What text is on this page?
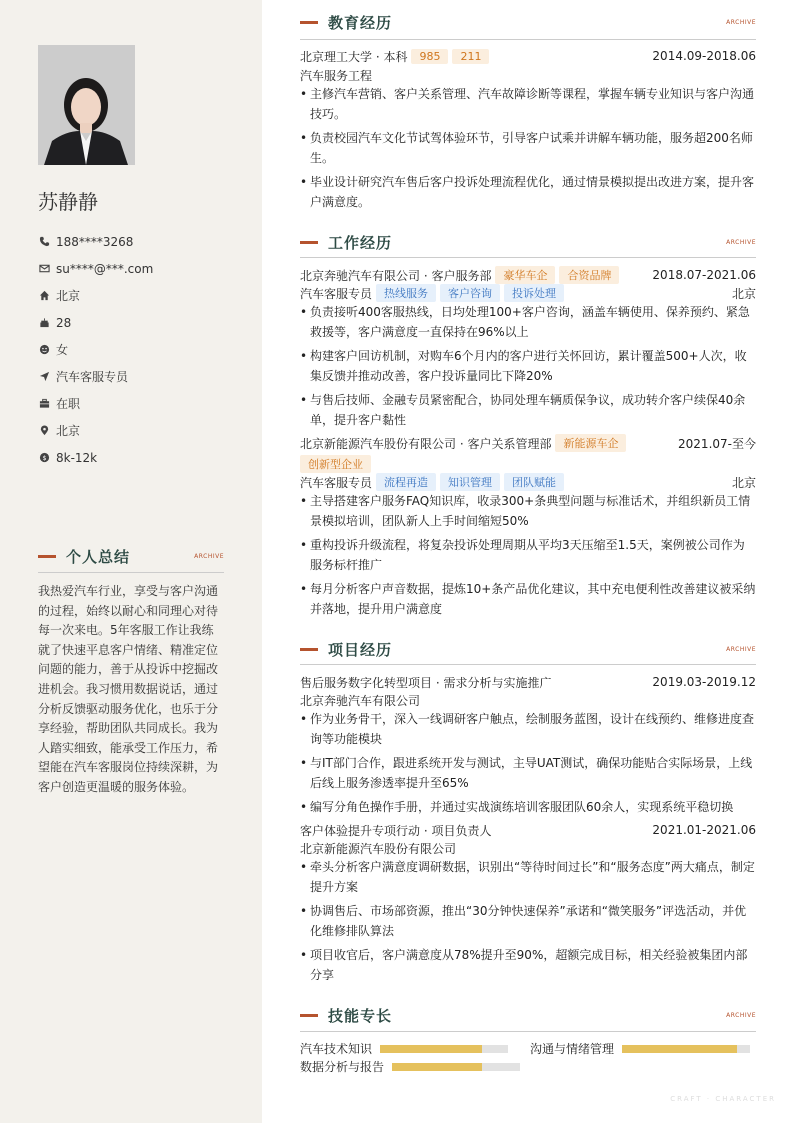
苏静静
188****3268
su****@***.com
北京
28
女
汽车客服专员
在职
北京
$ 8k-12k
个人总结	ARCHIVE
我热爱汽车行业，享受与客户沟通的过程，始终以耐心和同理心对待每一次来电。5年客服工作让我练就了快速平息客户情绪、精准定位问题的能力，善于从投诉中挖掘改进机会。我习惯用数据说话，通过分析反馈驱动服务优化，也乐于分享经验，帮助团队共同成长。我为人踏实细致，能承受工作压力，希望能在汽车客服岗位持续深耕，为客户创造更温暖的服务体验。
教育经历	ARCHIVE
北京理工大学 · 本科	985	211	2014.09-2018.06
汽车服务工程
• 主修汽车营销、客户关系管理、汽车故障诊断等课程，掌握车辆专业知识与客户沟通技巧。
• 负责校园汽车文化节试驾体验环节，引导客户试乘并讲解车辆功能，服务超200名师生。
• 毕业设计研究汽车售后客户投诉处理流程优化，通过情景模拟提出改进方案，提升客户满意度。
工作经历	ARCHIVE
北京奔驰汽车有限公司 · 客户服务部	豪华车企	合资品牌	2018.07-2021.06
汽车客服专员	热线服务	客户咨询	投诉处理	北京
• 负责接听400客服热线，日均处理100+客户咨询，涵盖车辆使用、保养预约、紧急救援等，客户满意度一直保持在96%以上
• 构建客户回访机制，对购车6个月内的客户进行关怀回访，累计覆盖500+人次，收集反馈并推动改善，客户投诉量同比下降20%
• 与售后技师、金融专员紧密配合，协同处理车辆质保争议，成功转介客户续保40余单，提升客户黏性
北京新能源汽车股份有限公司 · 客户关系管理部	新能源车企	2021.07-至今
创新型企业
汽车客服专员	流程再造	知识管理	团队赋能	北京
• 主导搭建客户服务FAQ知识库，收录300+条典型问题与标准话术，并组织新员工情景模拟培训，团队新人上手时间缩短50%
• 重构投诉升级流程，将复杂投诉处理周期从平均3天压缩至1.5天，案例被公司作为服务标杆推广
• 每月分析客户声音数据，提炼10+条产品优化建议，其中充电便利性改善建议被采纳并落地，提升用户满意度
项目经历	ARCHIVE
售后服务数字化转型项目 · 需求分析与实施推广	2019.03-2019.12
北京奔驰汽车有限公司
• 作为业务骨干，深入一线调研客户触点，绘制服务蓝图，设计在线预约、维修进度查询等功能模块
• 与IT部门合作，跟进系统开发与测试，主导UAT测试，确保功能贴合实际场景，上线后线上服务渗透率提升至65%
• 编写分角色操作手册，并通过实战演练培训客服团队60余人，实现系统平稳切换
客户体验提升专项行动 · 项目负责人	2021.01-2021.06
北京新能源汽车股份有限公司
• 牵头分析客户满意度调研数据，识别出“等待时间过长”和“服务态度”两大痛点，制定提升方案
• 协调售后、市场部资源，推出“30分钟快速保养”承诺和“微笑服务”评选活动，并优化维修排队算法
• 项目收官后，客户满意度从78%提升至90%，超额完成目标，相关经验被集团内部分享
技能专长	ARCHIVE
汽车技术知识	沟通与情绪管理
数据分析与报告
CRAFT · CHARACTER
